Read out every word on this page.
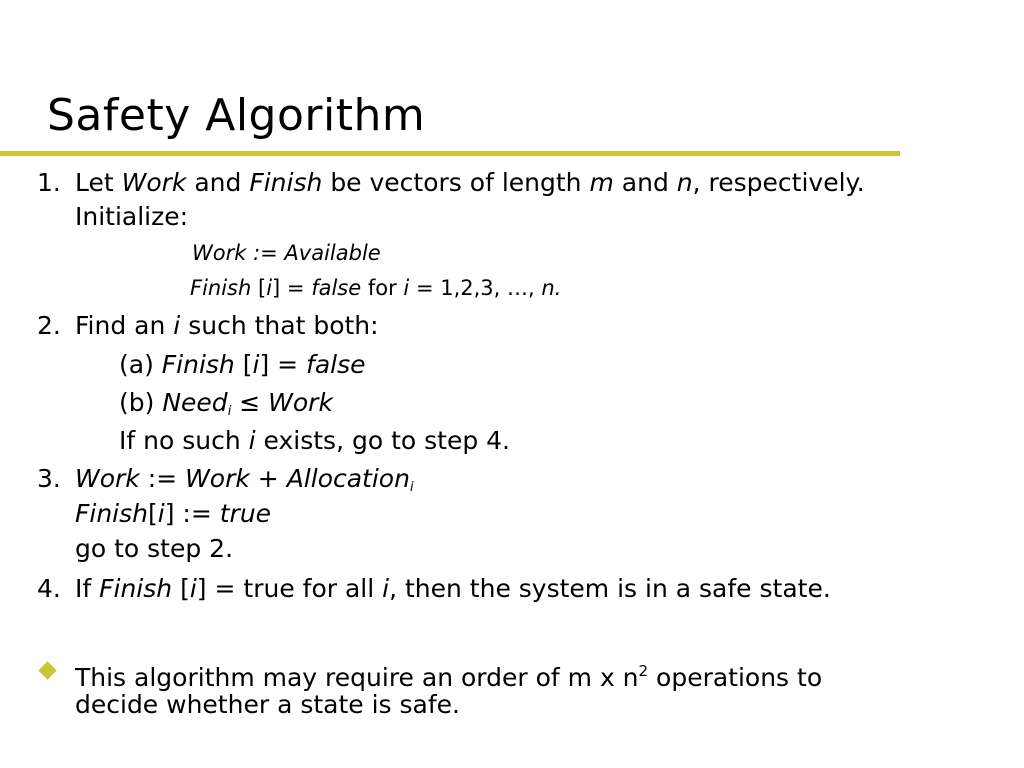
Safety Algorithm
1. Let Work and Finish be vectors of length m and n, respectively.
Initialize:
Work := Available
Finish [i] = false for i = 1,2,3, …, n.
2. Find an i such that both:
(a) Finish [i] = false
(b) Need$_i$ ≤ Work
If no such i exists, go to step 4.
3. Work := Work + Allocation$_i$
Finish[i] := true
go to step 2.
4. If Finish [i] = true for all i, then the system is in a safe state.
This algorithm may require an order of m x $n^2$ operations to
decide whether a state is safe.
